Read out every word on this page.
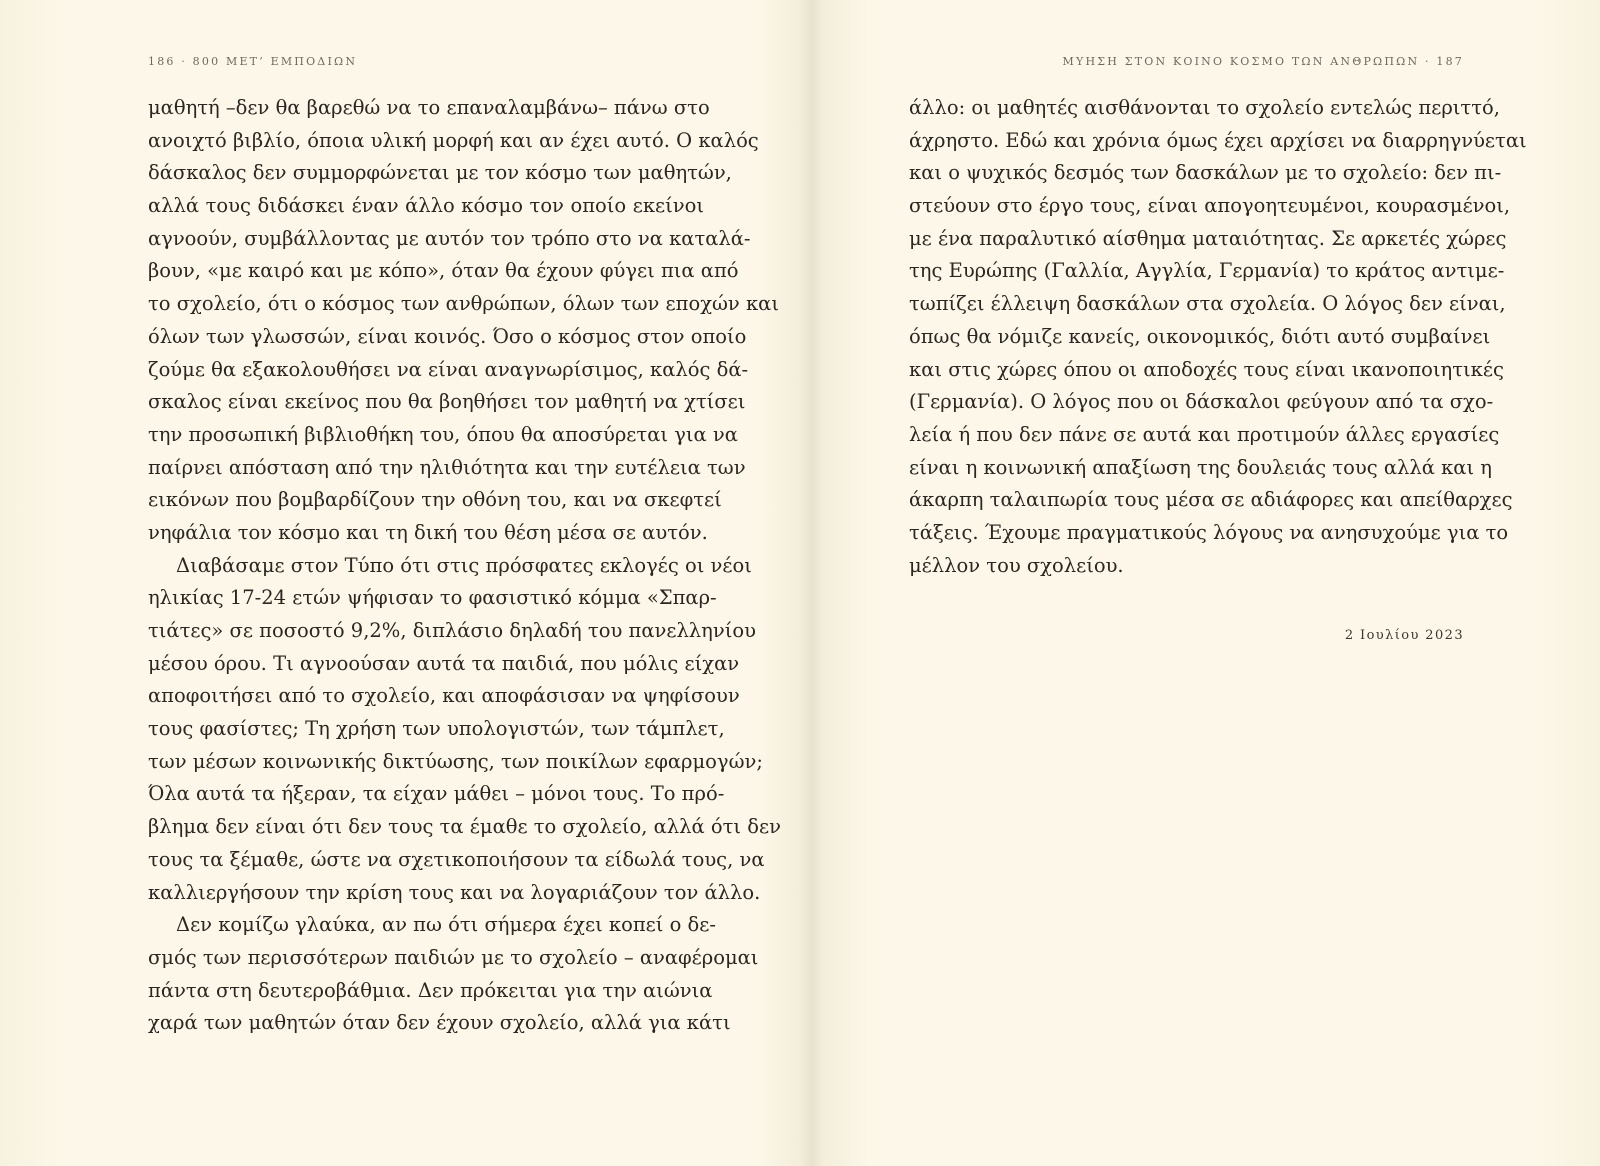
186 · 800 ΜΕΤ’ ΕΜΠΟΔΙΩΝ
μαθητή –δεν θα βαρεθώ να το επαναλαμβάνω– πάνω στο
ανοιχτό βιβλίο, όποια υλική μορφή και αν έχει αυτό. Ο καλός
δάσκαλος δεν συμμορφώνεται με τον κόσμο των μαθητών,
αλλά τους διδάσκει έναν άλλο κόσμο τον οποίο εκείνοι
αγνοούν, συμβάλλοντας με αυτόν τον τρόπο στο να καταλά-
βουν, «με καιρό και με κόπο», όταν θα έχουν φύγει πια από
το σχολείο, ότι ο κόσμος των ανθρώπων, όλων των εποχών και
όλων των γλωσσών, είναι κοινός. Όσο ο κόσμος στον οποίο
ζούμε θα εξακολουθήσει να είναι αναγνωρίσιμος, καλός δά-
σκαλος είναι εκείνος που θα βοηθήσει τον μαθητή να χτίσει
την προσωπική βιβλιοθήκη του, όπου θα αποσύρεται για να
παίρνει απόσταση από την ηλιθιότητα και την ευτέλεια των
εικόνων που βομβαρδίζουν την οθόνη του, και να σκεφτεί
νηφάλια τον κόσμο και τη δική του θέση μέσα σε αυτόν.
Διαβάσαμε στον Τύπο ότι στις πρόσφατες εκλογές οι νέοι
ηλικίας 17-24 ετών ψήφισαν το φασιστικό κόμμα «Σπαρ-
τιάτες» σε ποσοστό 9,2%, διπλάσιο δηλαδή του πανελληνίου
μέσου όρου. Τι αγνοούσαν αυτά τα παιδιά, που μόλις είχαν
αποφοιτήσει από το σχολείο, και αποφάσισαν να ψηφίσουν
τους φασίστες; Τη χρήση των υπολογιστών, των τάμπλετ,
των μέσων κοινωνικής δικτύωσης, των ποικίλων εφαρμογών;
Όλα αυτά τα ήξεραν, τα είχαν μάθει – μόνοι τους. Το πρό-
βλημα δεν είναι ότι δεν τους τα έμαθε το σχολείο, αλλά ότι δεν
τους τα ξέμαθε, ώστε να σχετικοποιήσουν τα είδωλά τους, να
καλλιεργήσουν την κρίση τους και να λογαριάζουν τον άλλο.
Δεν κομίζω γλαύκα, αν πω ότι σήμερα έχει κοπεί ο δε-
σμός των περισσότερων παιδιών με το σχολείο – αναφέρομαι
πάντα στη δευτεροβάθμια. Δεν πρόκειται για την αιώνια
χαρά των μαθητών όταν δεν έχουν σχολείο, αλλά για κάτι
ΜΥΗΣΗ ΣΤΟΝ ΚΟΙΝΟ ΚΟΣΜΟ ΤΩΝ ΑΝΘΡΩΠΩΝ · 187
άλλο: οι μαθητές αισθάνονται το σχολείο εντελώς περιττό,
άχρηστο. Εδώ και χρόνια όμως έχει αρχίσει να διαρρηγνύεται
και ο ψυχικός δεσμός των δασκάλων με το σχολείο: δεν πι-
στεύουν στο έργο τους, είναι απογοητευμένοι, κουρασμένοι,
με ένα παραλυτικό αίσθημα ματαιότητας. Σε αρκετές χώρες
της Ευρώπης (Γαλλία, Αγγλία, Γερμανία) το κράτος αντιμε-
τωπίζει έλλειψη δασκάλων στα σχολεία. Ο λόγος δεν είναι,
όπως θα νόμιζε κανείς, οικονομικός, διότι αυτό συμβαίνει
και στις χώρες όπου οι αποδοχές τους είναι ικανοποιητικές
(Γερμανία). Ο λόγος που οι δάσκαλοι φεύγουν από τα σχο-
λεία ή που δεν πάνε σε αυτά και προτιμούν άλλες εργασίες
είναι η κοινωνική απαξίωση της δουλειάς τους αλλά και η
άκαρπη ταλαιπωρία τους μέσα σε αδιάφορες και απείθαρχες
τάξεις. Έχουμε πραγματικούς λόγους να ανησυχούμε για το
μέλλον του σχολείου.
2 Ιουλίου 2023
